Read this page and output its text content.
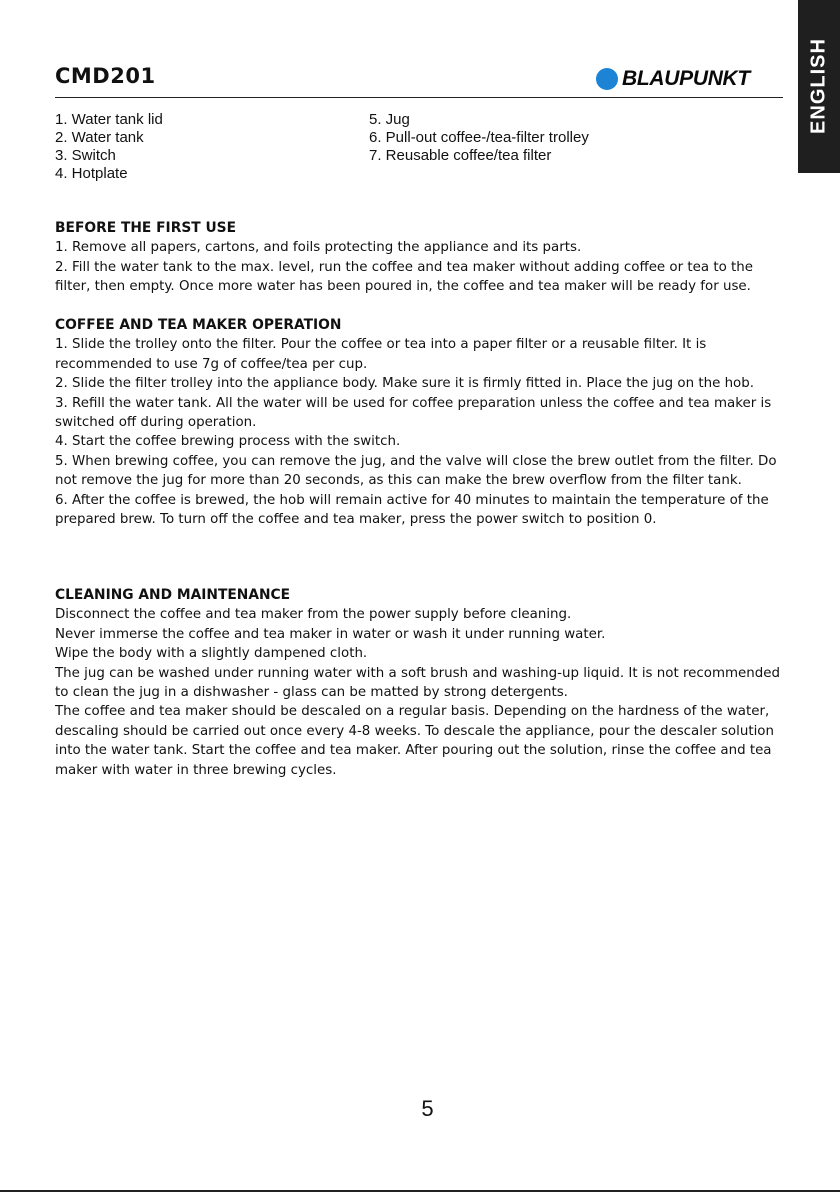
CMD201	BLAUPUNKT	ENGLISH
1. Water tank lid
2. Water tank
3. Switch
4. Hotplate
5. Jug
6. Pull-out coffee-/tea-filter trolley
7. Reusable coffee/tea filter
BEFORE THE FIRST USE

1. Remove all papers, cartons, and foils protecting the appliance and its parts.

2. Fill the water tank to the max. level, run the coffee and tea maker without adding coffee or tea to the filter, then empty. Once more water has been poured in, the coffee and tea maker will be ready for use.

COFFEE AND TEA MAKER OPERATION

1. Slide the trolley onto the filter. Pour the coffee or tea into a paper filter or a reusable filter. It is recommended to use 7g of coffee/tea per cup.

2. Slide the filter trolley into the appliance body. Make sure it is firmly fitted in. Place the jug on the hob.

3. Refill the water tank. All the water will be used for coffee preparation unless the coffee and tea maker is switched off during operation.

4. Start the coffee brewing process with the switch.

5. When brewing coffee, you can remove the jug, and the valve will close the brew outlet from the filter. Do not remove the jug for more than 20 seconds, as this can make the brew overflow from the filter tank.

6. After the coffee is brewed, the hob will remain active for 40 minutes to maintain the temperature of the prepared brew. To turn off the coffee and tea maker, press the power switch to position 0.

CLEANING AND MAINTENANCE

Disconnect the coffee and tea maker from the power supply before cleaning.

Never immerse the coffee and tea maker in water or wash it under running water.

Wipe the body with a slightly dampened cloth.

The jug can be washed under running water with a soft brush and washing-up liquid. It is not recommended to clean the jug in a dishwasher - glass can be matted by strong detergents.

The coffee and tea maker should be descaled on a regular basis. Depending on the hardness of the water, descaling should be carried out once every 4-8 weeks. To descale the appliance, pour the descaler solution into the water tank. Start the coffee and tea maker. After pouring out the solution, rinse the coffee and tea maker with water in three brewing cycles.

5
